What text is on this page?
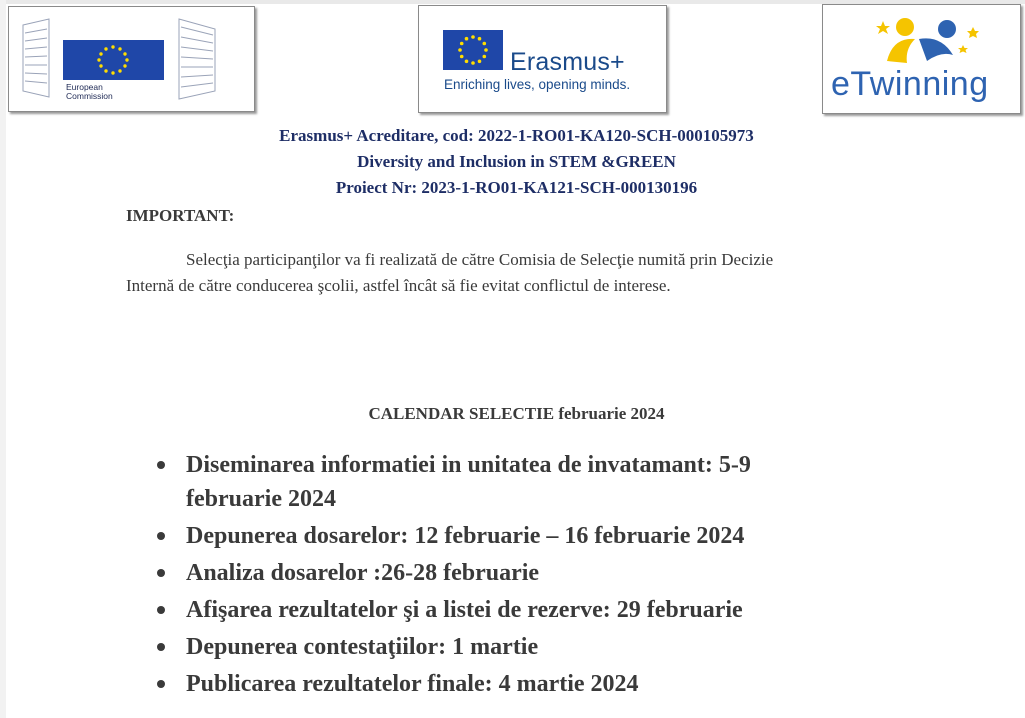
European
Commission
Erasmus+
Enriching lives, opening minds.	eTwinning
Erasmus+ Acreditare, cod: 2022-1-RO01-KA120-SCH-000105973
Diversity and Inclusion in STEM &GREEN
Proiect Nr: 2023-1-RO01-KA121-SCH-000130196
IMPORTANT:
Selecţia participanţilor va fi realizată de către Comisia de Selecţie numită prin Decizie
Internă de către conducerea şcolii, astfel încât să fie evitat conflictul de interese.
CALENDAR SELECTIE februarie 2024
Diseminarea informatiei in unitatea de invatamant: 5-9
februarie 2024
Depunerea dosarelor: 12 februarie – 16 februarie 2024
Analiza dosarelor :26-28 februarie
Afişarea rezultatelor şi a listei de rezerve: 29 februarie
Depunerea contestaţiilor: 1 martie
Publicarea rezultatelor finale: 4 martie 2024
